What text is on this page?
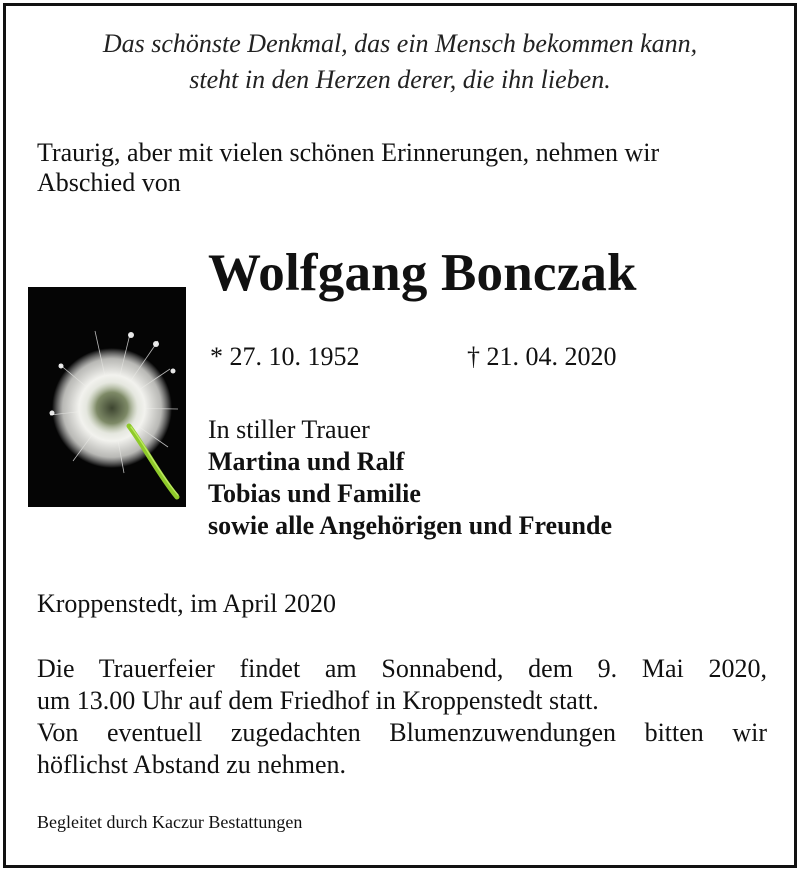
Das schönste Denkmal, das ein Mensch bekommen kann,
steht in den Herzen derer, die ihn lieben.
Traurig, aber mit vielen schönen Erinnerungen, nehmen wir
Abschied von
Wolfgang Bonczak
* 27. 10. 1952	† 21. 04. 2020
In stiller Trauer
Martina und Ralf
Tobias und Familie
sowie alle Angehörigen und Freunde
Kroppenstedt, im April 2020
Die Trauerfeier findet am Sonnabend, dem 9. Mai 2020,
um 13.00 Uhr auf dem Friedhof in Kroppenstedt statt.
Von eventuell zugedachten Blumenzuwendungen bitten wir
höflichst Abstand zu nehmen.
Begleitet durch Kaczur Bestattungen
